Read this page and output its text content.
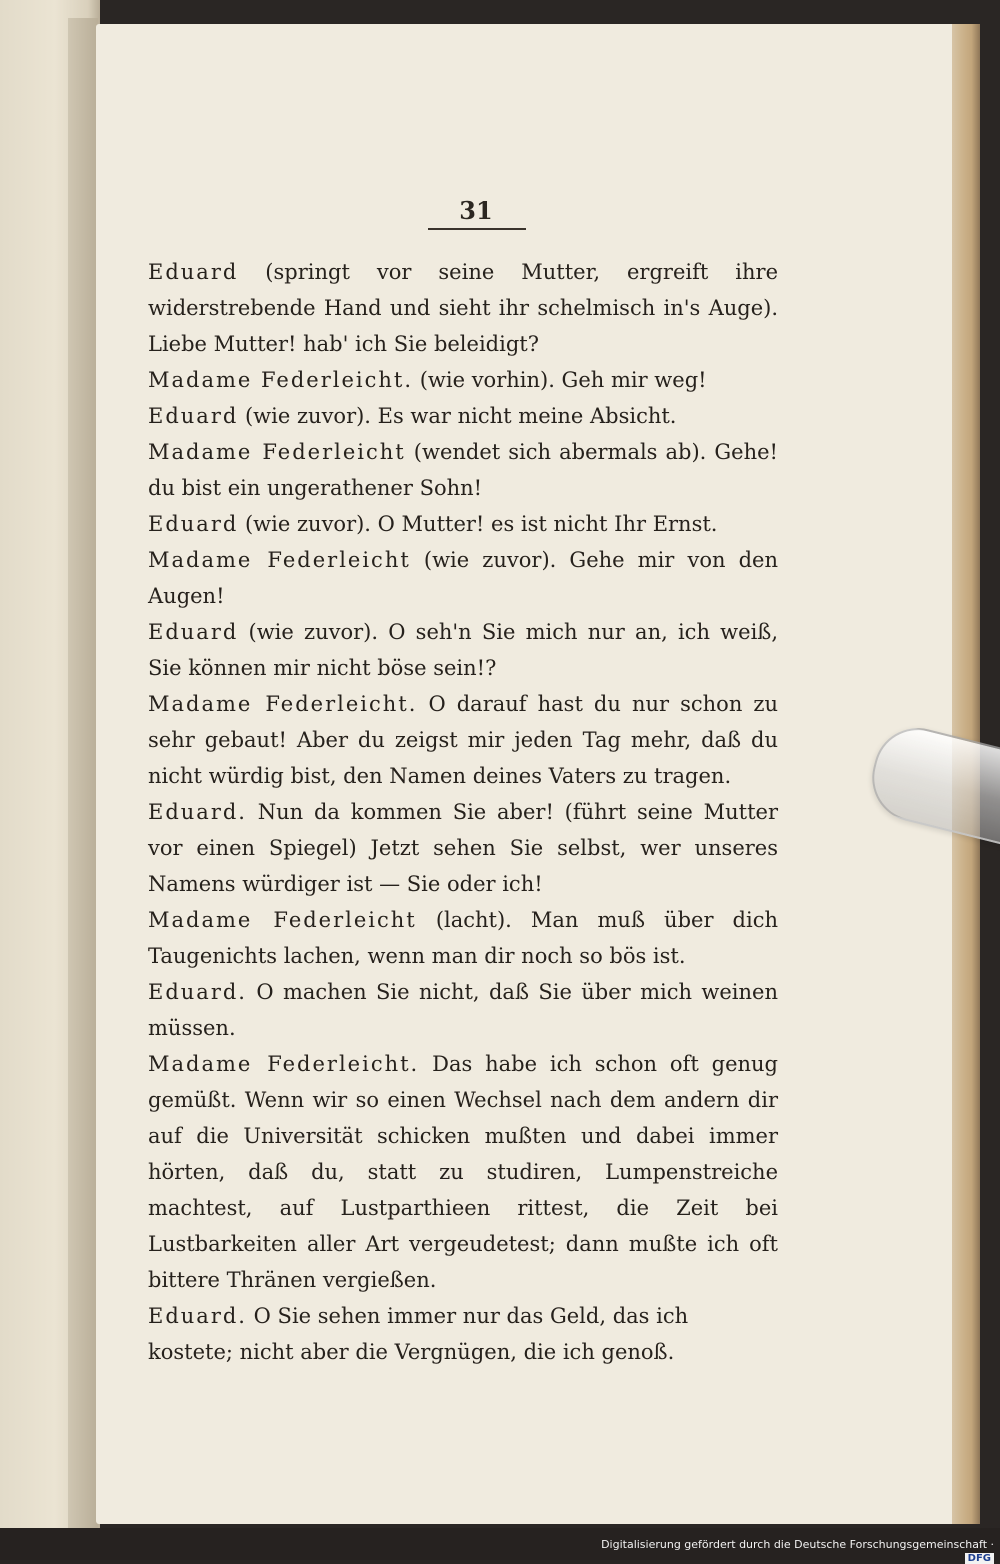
31

Eduard (springt vor seine Mutter, ergreift ihre widerstrebende Hand und sieht ihr schelmisch in's Auge). Liebe Mutter! hab' ich Sie beleidigt?

Madame Federleicht. (wie vorhin). Geh mir weg!

Eduard (wie zuvor). Es war nicht meine Absicht.

Madame Federleicht (wendet sich abermals ab). Gehe! du bist ein ungerathener Sohn!

Eduard (wie zuvor). O Mutter! es ist nicht Ihr Ernst.

Madame Federleicht (wie zuvor). Gehe mir von den Augen!

Eduard (wie zuvor). O seh'n Sie mich nur an, ich weiß, Sie können mir nicht böse sein!?

Madame Federleicht. O darauf hast du nur schon zu sehr gebaut! Aber du zeigst mir jeden Tag mehr, daß du nicht würdig bist, den Namen deines Vaters zu tragen.

Eduard. Nun da kommen Sie aber! (führt seine Mutter vor einen Spiegel) Jetzt sehen Sie selbst, wer unseres Namens würdiger ist — Sie oder ich!

Madame Federleicht (lacht). Man muß über dich Taugenichts lachen, wenn man dir noch so bös ist.

Eduard. O machen Sie nicht, daß Sie über mich weinen müssen.

Madame Federleicht. Das habe ich schon oft genug gemüßt. Wenn wir so einen Wechsel nach dem andern dir auf die Universität schicken mußten und dabei immer hörten, daß du, statt zu studiren, Lumpenstreiche machtest, auf Lustparthieen rittest, die Zeit bei Lustbarkeiten aller Art vergeudetest; dann mußte ich oft bittere Thränen vergießen.

Eduard. O Sie sehen immer nur das Geld, das ich kostete; nicht aber die Vergnügen, die ich genoß.

Digitalisierung gefördert durch die Deutsche Forschungsgemeinschaft ·DFG
